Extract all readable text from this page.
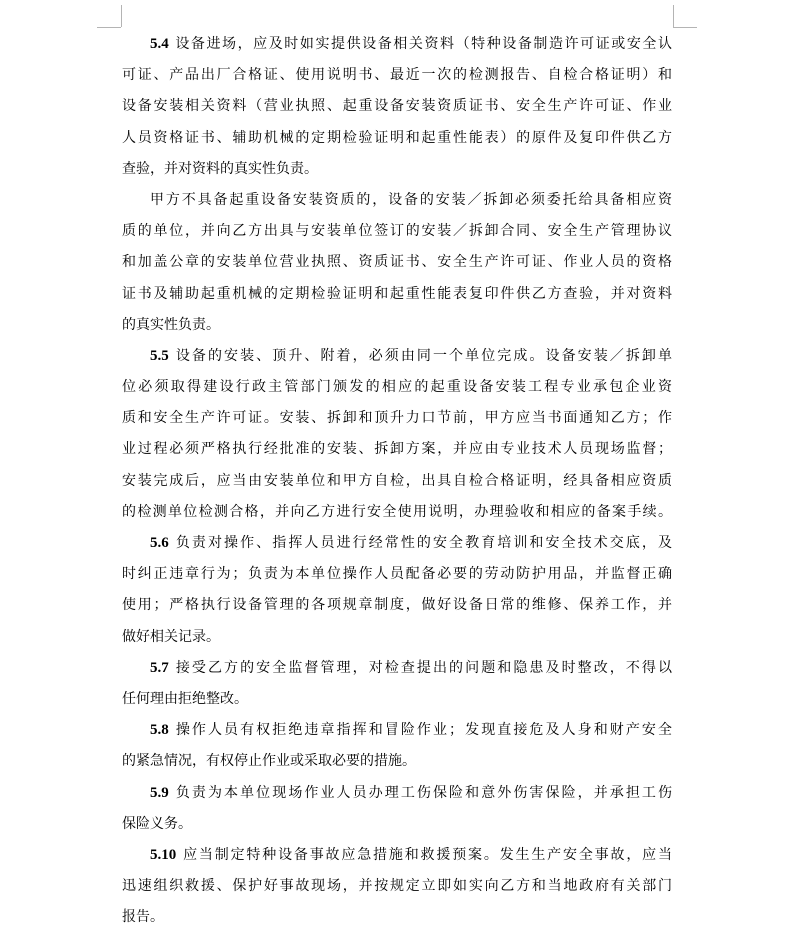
5.4 设备进场，应及时如实提供设备相关资料（特种设备制造许可证或安全认
可证、产品出厂合格证、使用说明书、最近一次的检测报告、自检合格证明）和
设备安装相关资料（营业执照、起重设备安装资质证书、安全生产许可证、作业
人员资格证书、辅助机械的定期检验证明和起重性能表）的原件及复印件供乙方
查验，并对资料的真实性负责。
甲方不具备起重设备安装资质的，设备的安装／拆卸必须委托给具备相应资
质的单位，并向乙方出具与安装单位签订的安装／拆卸合同、安全生产管理协议
和加盖公章的安装单位营业执照、资质证书、安全生产许可证、作业人员的资格
证书及辅助起重机械的定期检验证明和起重性能表复印件供乙方查验，并对资料
的真实性负责。
5.5 设备的安装、顶升、附着，必须由同一个单位完成。设备安装／拆卸单
位必须取得建设行政主管部门颁发的相应的起重设备安装工程专业承包企业资
质和安全生产许可证。安装、拆卸和顶升力口节前，甲方应当书面通知乙方；作
业过程必须严格执行经批准的安装、拆卸方案，并应由专业技术人员现场监督；
安装完成后，应当由安装单位和甲方自检，出具自检合格证明，经具备相应资质
的检测单位检测合格，并向乙方进行安全使用说明，办理验收和相应的备案手续。
5.6 负责对操作、指挥人员进行经常性的安全教育培训和安全技术交底，及
时纠正违章行为；负责为本单位操作人员配备必要的劳动防护用品，并监督正确
使用；严格执行设备管理的各项规章制度，做好设备日常的维修、保养工作，并
做好相关记录。
5.7 接受乙方的安全监督管理，对检查提出的问题和隐患及时整改，不得以
任何理由拒绝整改。
5.8 操作人员有权拒绝违章指挥和冒险作业；发现直接危及人身和财产安全
的紧急情况，有权停止作业或采取必要的措施。
5.9 负责为本单位现场作业人员办理工伤保险和意外伤害保险，并承担工伤
保险义务。
5.10 应当制定特种设备事故应急措施和救援预案。发生生产安全事故，应当
迅速组织救援、保护好事故现场，并按规定立即如实向乙方和当地政府有关部门
报告。
